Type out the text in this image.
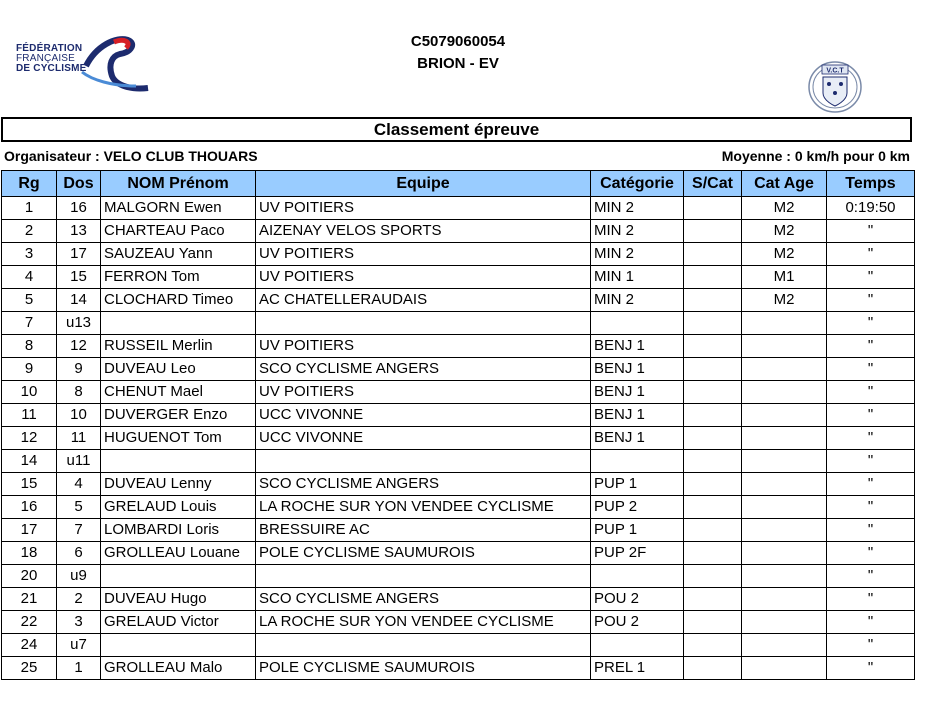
FÉDÉRATION
FRANÇAISE
DE CYCLISME
C5079060054
BRION - EV	V.C.T
Classement épreuve
Organisateur : VELO CLUB THOUARS	Moyenne : 0 km/h pour 0 km
Rg	Dos	NOM Prénom	Equipe	Catégorie	S/Cat	Cat Age	Temps
1	16	MALGORN Ewen	UV POITIERS	MIN 2		M2	0:19:50
2	13	CHARTEAU Paco	AIZENAY VELOS SPORTS	MIN 2		M2	"
3	17	SAUZEAU Yann	UV POITIERS	MIN 2		M2	"
4	15	FERRON Tom	UV POITIERS	MIN 1		M1	"
5	14	CLOCHARD Timeo	AC CHATELLERAUDAIS	MIN 2		M2	"
7	u13						"
8	12	RUSSEIL Merlin	UV POITIERS	BENJ 1			"
9	9	DUVEAU Leo	SCO CYCLISME ANGERS	BENJ 1			"
10	8	CHENUT Mael	UV POITIERS	BENJ 1			"
11	10	DUVERGER Enzo	UCC VIVONNE	BENJ 1			"
12	11	HUGUENOT Tom	UCC VIVONNE	BENJ 1			"
14	u11						"
15	4	DUVEAU Lenny	SCO CYCLISME ANGERS	PUP 1			"
16	5	GRELAUD Louis	LA ROCHE SUR YON VENDEE CYCLISME	PUP 2			"
17	7	LOMBARDI Loris	BRESSUIRE AC	PUP 1			"
18	6	GROLLEAU Louane	POLE CYCLISME SAUMUROIS	PUP 2F			"
20	u9						"
21	2	DUVEAU Hugo	SCO CYCLISME ANGERS	POU 2			"
22	3	GRELAUD Victor	LA ROCHE SUR YON VENDEE CYCLISME	POU 2			"
24	u7						"
25	1	GROLLEAU Malo	POLE CYCLISME SAUMUROIS	PREL 1			"
